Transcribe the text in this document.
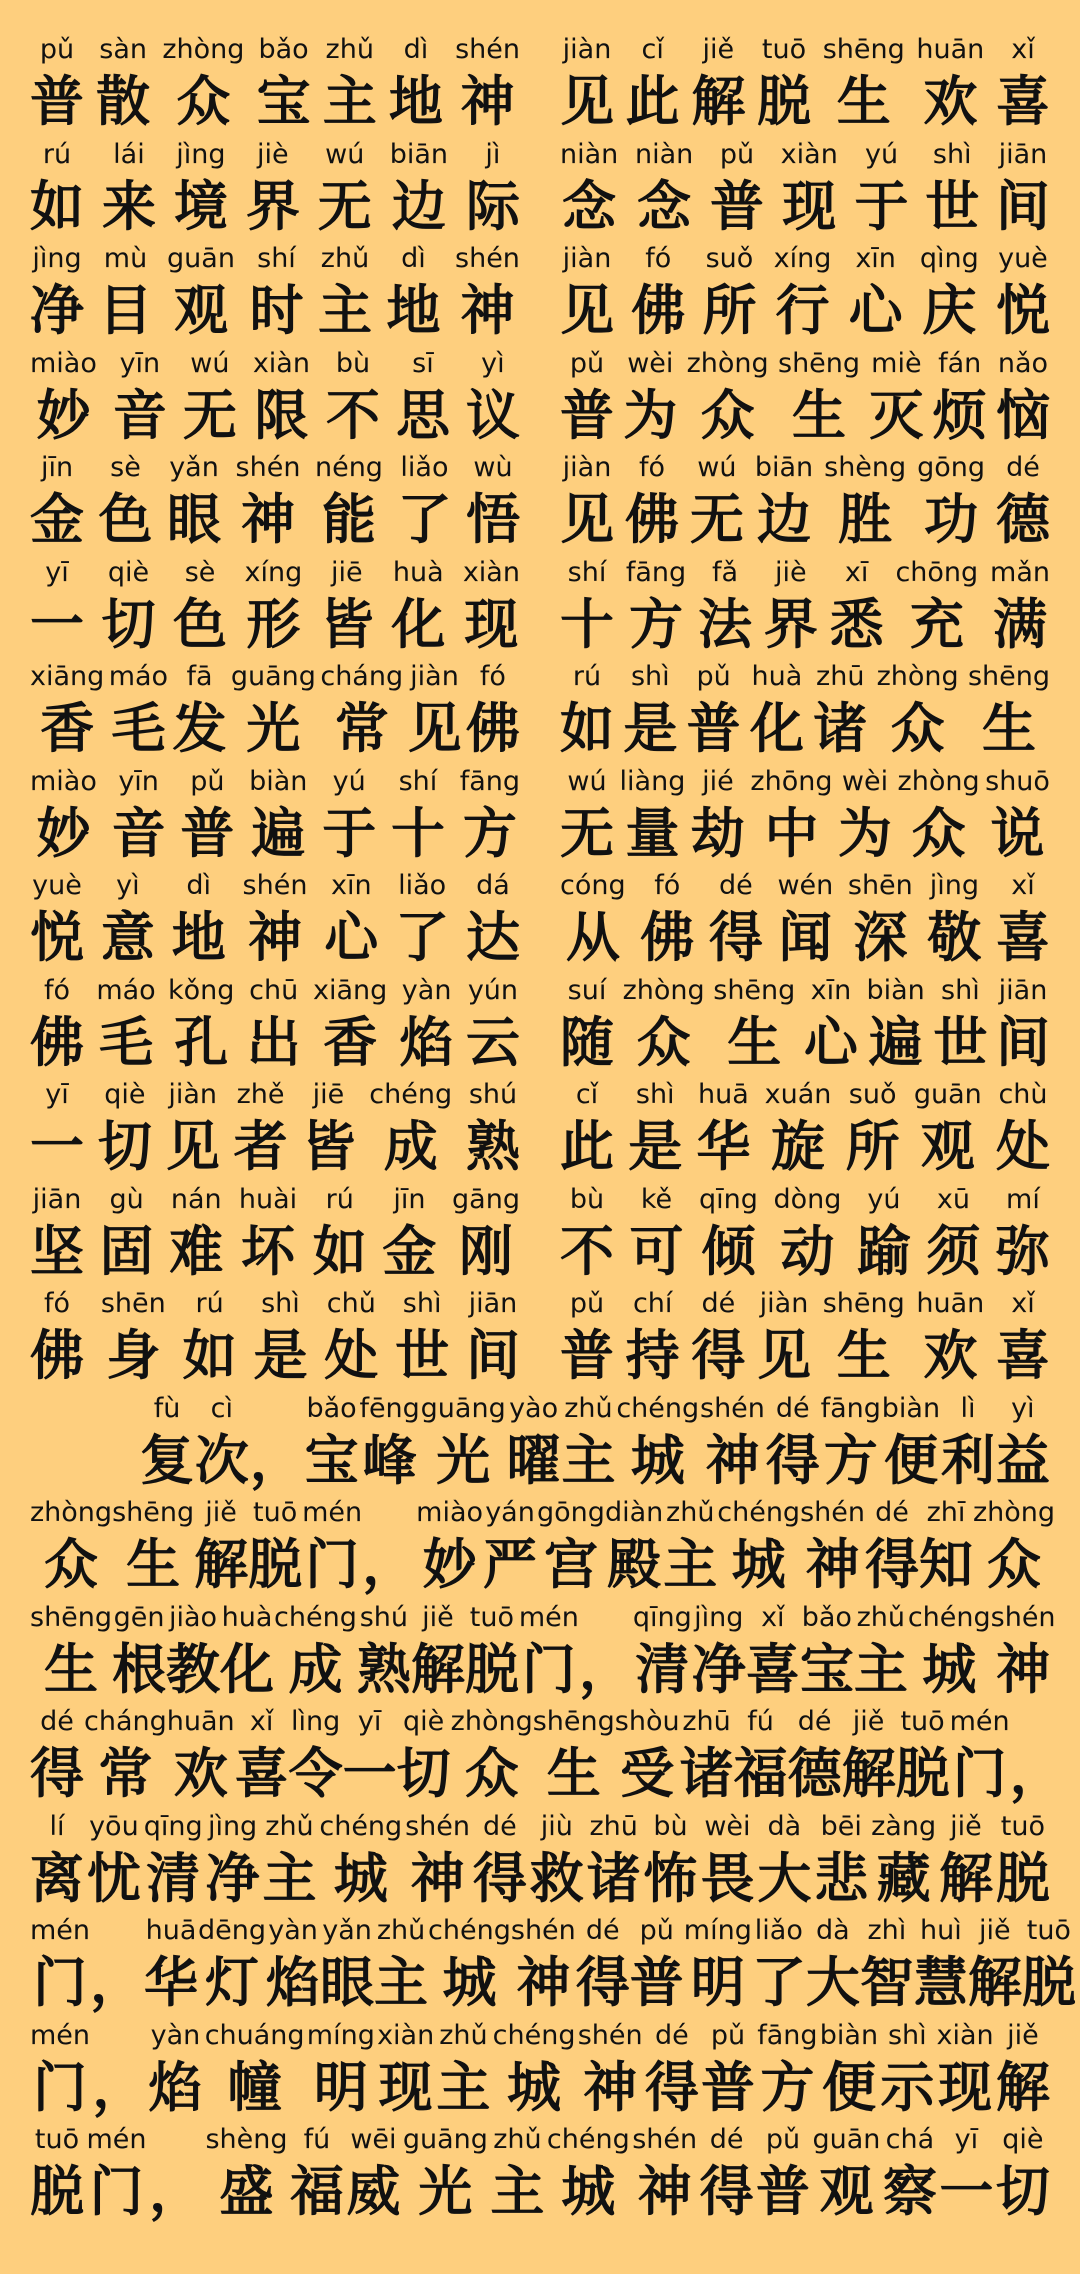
pǔ
普
sàn
散
zhòng
众
bǎo
宝
zhǔ
主
dì
地
shén
神
jiàn
见
cǐ
此
jiě
解
tuō
脱
shēng
生
huān
欢
xǐ
喜
rú
如
lái
来
jìng
境
jiè
界
wú
无
biān
边
jì
际
niàn
念
niàn
念
pǔ
普
xiàn
现
yú
于
shì
世
jiān
间
jìng
净
mù
目
guān
观
shí
时
zhǔ
主
dì
地
shén
神
jiàn
见
fó
佛
suǒ
所
xíng
行
xīn
心
qìng
庆
yuè
悦
miào
妙
yīn
音
wú
无
xiàn
限
bù
不
sī
思
yì
议
pǔ
普
wèi
为
zhòng
众
shēng
生
miè
灭
fán
烦
nǎo
恼
jīn
金
sè
色
yǎn
眼
shén
神
néng
能
liǎo
了
wù
悟
jiàn
见
fó
佛
wú
无
biān
边
shèng
胜
gōng
功
dé
德
yī
一
qiè
切
sè
色
xíng
形
jiē
皆
huà
化
xiàn
现
shí
十
fāng
方
fǎ
法
jiè
界
xī
悉
chōng
充
mǎn
满
xiāng
香
máo
毛
fā
发
guāng
光
cháng
常
jiàn
见
fó
佛
rú
如
shì
是
pǔ
普
huà
化
zhū
诸
zhòng
众
shēng
生
miào
妙
yīn
音
pǔ
普
biàn
遍
yú
于
shí
十
fāng
方
wú
无
liàng
量
jié
劫
zhōng
中
wèi
为
zhòng
众
shuō
说
yuè
悦
yì
意
dì
地
shén
神
xīn
心
liǎo
了
dá
达
cóng
从
fó
佛
dé
得
wén
闻
shēn
深
jìng
敬
xǐ
喜
fó
佛
máo
毛
kǒng
孔
chū
出
xiāng
香
yàn
焰
yún
云
suí
随
zhòng
众
shēng
生
xīn
心
biàn
遍
shì
世
jiān
间
yī
一
qiè
切
jiàn
见
zhě
者
jiē
皆
chéng
成
shú
熟
cǐ
此
shì
是
huā
华
xuán
旋
suǒ
所
guān
观
chù
处
jiān
坚
gù
固
nán
难
huài
坏
rú
如
jīn
金
gāng
刚
bù
不
kě
可
qīng
倾
dòng
动
yú
踰
xū
须
mí
弥
fó
佛
shēn
身
rú
如
shì
是
chǔ
处
shì
世
jiān
间
pǔ
普
chí
持
dé
得
jiàn
见
shēng
生
huān
欢
xǐ
喜
fù
复
cì
次 ，
bǎo
宝
fēng
峰
guāng
光
yào
曜
zhǔ
主
chéng
城
shén
神
dé
得
fāng
方
biàn
便
lì
利
yì
益
zhòng
众
shēng
生
jiě
解
tuō
脱
mén
门 ，
miào
妙
yán
严
gōng
宫
diàn
殿
zhǔ
主
chéng
城
shén
神
dé
得
zhī
知
zhòng
众
shēng
生
gēn
根
jiào
教
huà
化
chéng
成
shú
熟
jiě
解
tuō
脱
mén
门 ，
qīng
清
jìng
净
xǐ
喜
bǎo
宝
zhǔ
主
chéng
城
shén
神
dé
得
cháng
常
huān
欢
xǐ
喜
lìng
令
yī
一
qiè
切
zhòng
众
shēng
生
shòu
受
zhū
诸
fú
福
dé
德
jiě
解
tuō
脱
mén
门 ，
lí
离
yōu
忧
qīng
清
jìng
净
zhǔ
主
chéng
城
shén
神
dé
得
jiù
救
zhū
诸
bù
怖
wèi
畏
dà
大
bēi
悲
zàng
藏
jiě
解
tuō
脱
mén
门 ，
huā
华
dēng
灯
yàn
焰
yǎn
眼
zhǔ
主
chéng
城
shén
神
dé
得
pǔ
普
míng
明
liǎo
了
dà
大
zhì
智
huì
慧
jiě
解
tuō
脱
mén
门 ，
yàn
焰
chuáng
幢
míng
明
xiàn
现
zhǔ
主
chéng
城
shén
神
dé
得
pǔ
普
fāng
方
biàn
便
shì
示
xiàn
现
jiě
解
tuō
脱
mén
门 ，
shèng
盛
fú
福
wēi
威
guāng
光
zhǔ
主
chéng
城
shén
神
dé
得
pǔ
普
guān
观
chá
察
yī
一
qiè
切
